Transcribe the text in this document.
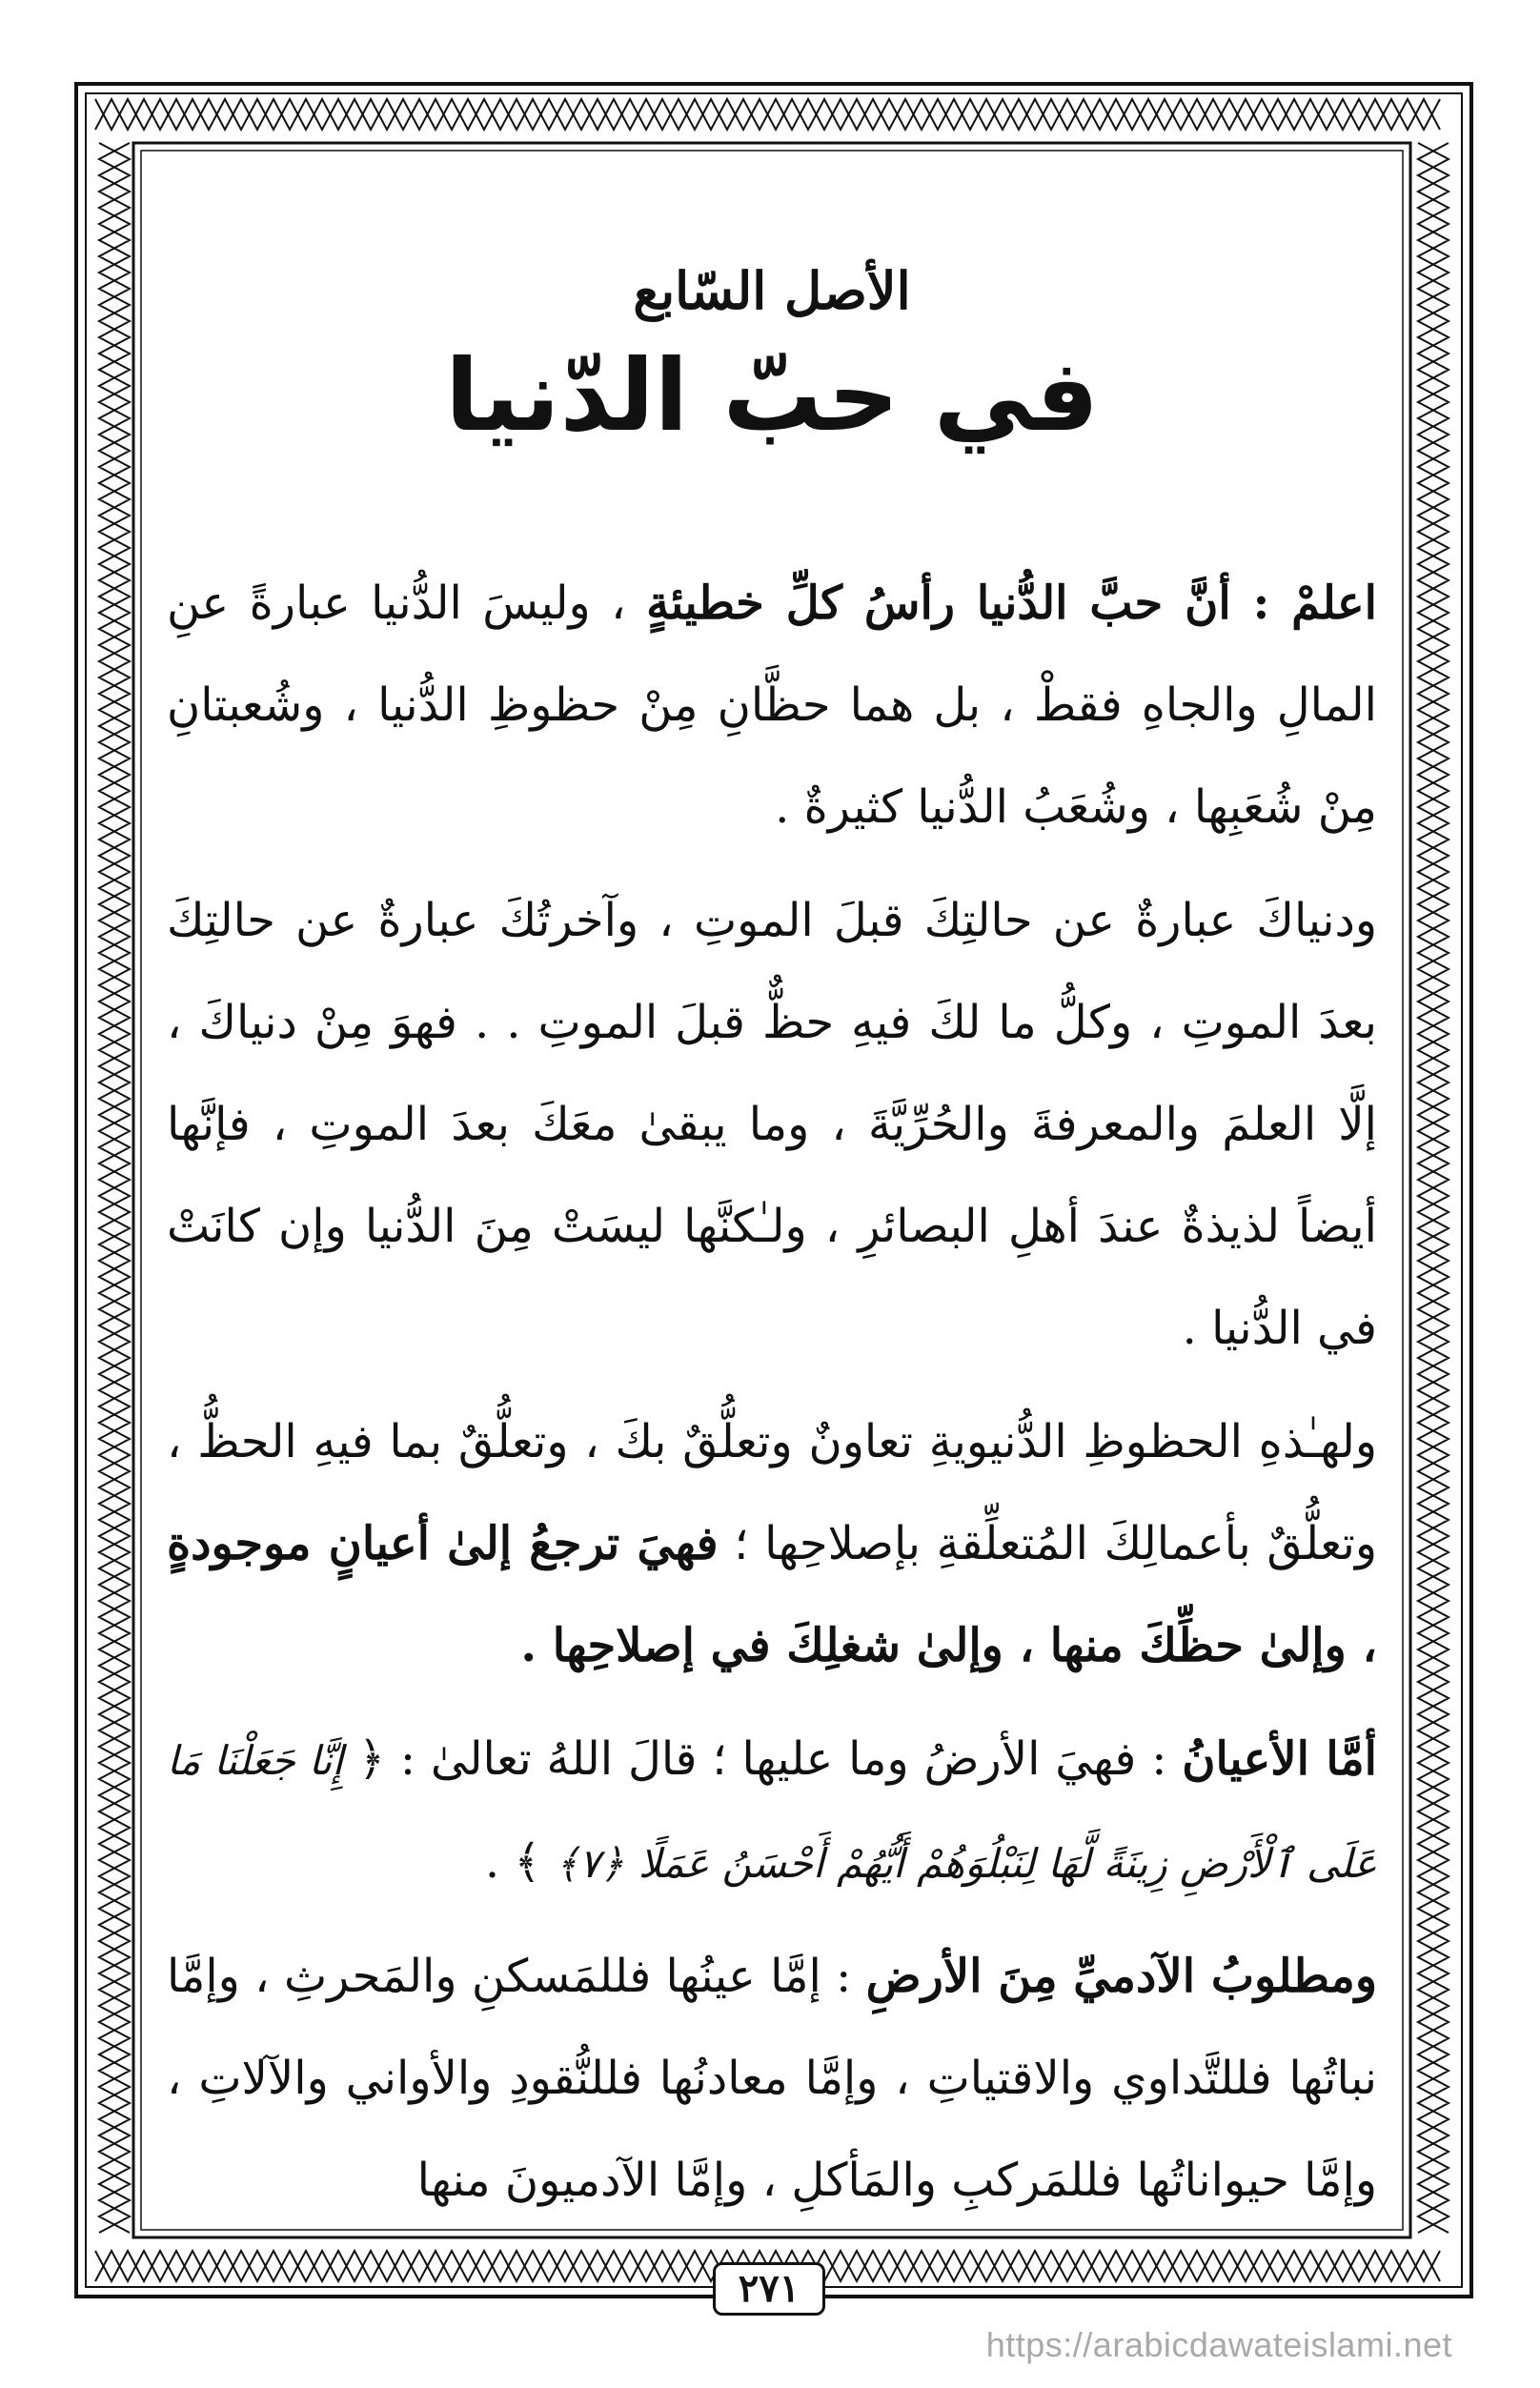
الأصل السّابع
في حبّ الدّنيا

اعلمْ : أنَّ حبَّ الدُّنيا رأسُ كلِّ خطيئةٍ ، وليسَ الدُّنيا عبارةً عنِ المالِ والجاهِ فقطْ ، بل هما حظَّانِ مِنْ حظوظِ الدُّنيا ، وشُعبتانِ مِنْ شُعَبِها ، وشُعَبُ الدُّنيا كثيرةٌ .

ودنياكَ عبارةٌ عن حالتِكَ قبلَ الموتِ ، وآخرتُكَ عبارةٌ عن حالتِكَ بعدَ الموتِ ، وكلُّ ما لكَ فيهِ حظٌّ قبلَ الموتِ . . فهوَ مِنْ دنياكَ ، إلَّا العلمَ والمعرفةَ والحُرِّيَّةَ ، وما يبقىٰ معَكَ بعدَ الموتِ ، فإنَّها أيضاً لذيذةٌ عندَ أهلِ البصائرِ ، ولـٰكنَّها ليسَتْ مِنَ الدُّنيا وإن كانَتْ في الدُّنيا .

ولهـٰذهِ الحظوظِ الدُّنيويةِ تعاونٌ وتعلُّقٌ بكَ ، وتعلُّقٌ بما فيهِ الحظُّ ، وتعلُّقٌ بأعمالِكَ المُتعلِّقةِ بإصلاحِها ؛ فهيَ ترجعُ إلىٰ أعيانٍ موجودةٍ ، وإلىٰ حظِّكَ منها ، وإلىٰ شغلِكَ في إصلاحِها .

أمَّا الأعيانُ : فهيَ الأرضُ وما عليها ؛ قالَ اللهُ تعالىٰ : ﴿ إِنَّا جَعَلْنَا مَا عَلَى ٱلْأَرْضِ زِينَةً لَّهَا لِنَبْلُوَهُمْ أَيُّهُمْ أَحْسَنُ عَمَلًا ﴿٧﴾ ﴾ .

ومطلوبُ الآدميِّ مِنَ الأرضِ : إمَّا عينُها فللمَسكنِ والمَحرثِ ، وإمَّا نباتُها فللتَّداوي والاقتياتِ ، وإمَّا معادنُها فللنُّقودِ والأواني والآلاتِ ، وإمَّا حيواناتُها فللمَركبِ والمَأكلِ ، وإمَّا الآدميونَ منها

٢٧١
https://arabicdawateislami.net
